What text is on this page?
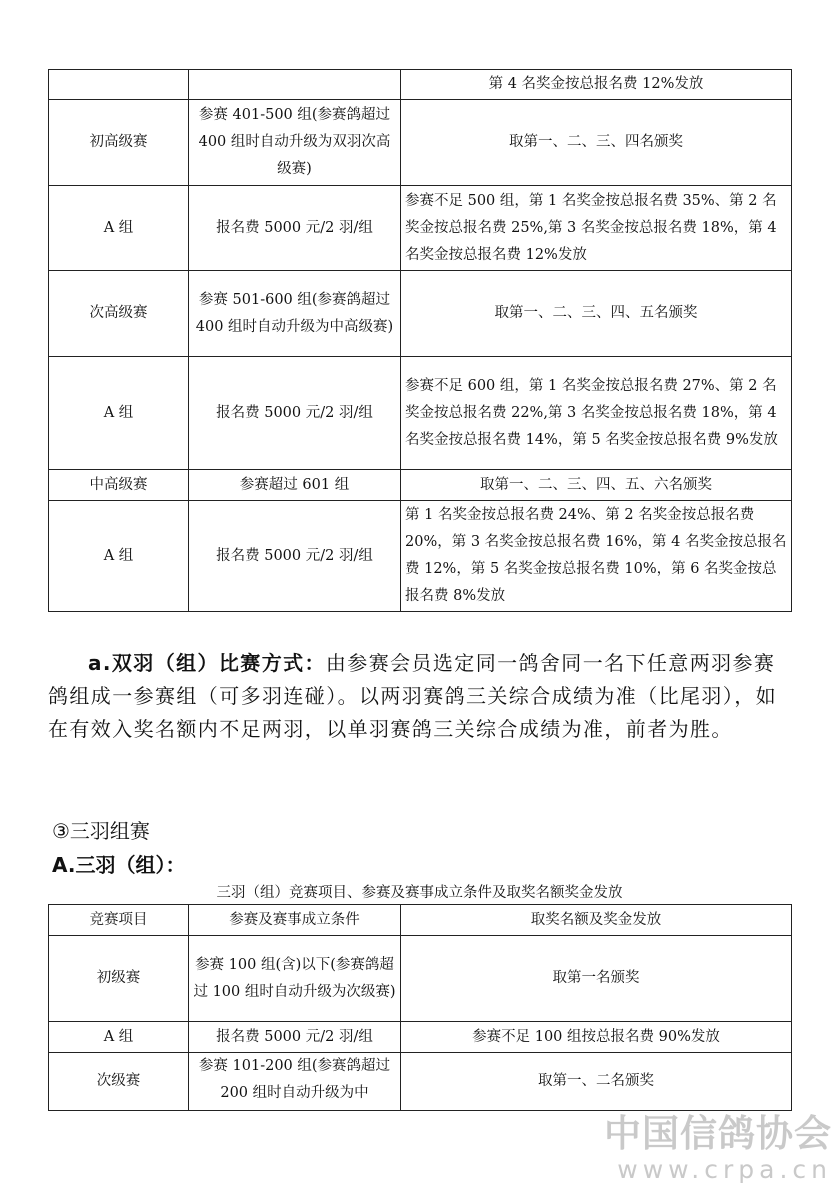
		第 4 名奖金按总报名费 12%发放
初高级赛	参赛 401-500 组(参赛鸽超过 400 组时自动升级为双羽次高级赛)	取第一、二、三、四名颁奖
A 组	报名费 5000 元/2 羽/组	参赛不足 500 组，第 1 名奖金按总报名费 35%、第 2 名奖金按总报名费 25%,第 3 名奖金按总报名费 18%，第 4 名奖金按总报名费 12%发放
次高级赛	参赛 501-600 组(参赛鸽超过 400 组时自动升级为中高级赛)	取第一、二、三、四、五名颁奖
A 组	报名费 5000 元/2 羽/组	参赛不足 600 组，第 1 名奖金按总报名费 27%、第 2 名奖金按总报名费 22%,第 3 名奖金按总报名费 18%，第 4 名奖金按总报名费 14%，第 5 名奖金按总报名费 9%发放
中高级赛	参赛超过 601 组	取第一、二、三、四、五、六名颁奖
A 组	报名费 5000 元/2 羽/组	第 1 名奖金按总报名费 24%、第 2 名奖金按总报名费 20%，第 3 名奖金按总报名费 16%，第 4 名奖金按总报名费 12%，第 5 名奖金按总报名费 10%，第 6 名奖金按总报名费 8%发放

a.双羽（组）比赛方式：由参赛会员选定同一鸽舍同一名下任意两羽参赛鸽组成一参赛组（可多羽连碰）。以两羽赛鸽三关综合成绩为准（比尾羽），如在有效入奖名额内不足两羽，以单羽赛鸽三关综合成绩为准，前者为胜。

③三羽组赛
A.三羽（组）：
三羽（组）竞赛项目、参赛及赛事成立条件及取奖名额奖金发放
竞赛项目	参赛及赛事成立条件	取奖名额及奖金发放
初级赛	参赛 100 组(含)以下(参赛鸽超过 100 组时自动升级为次级赛)	取第一名颁奖
A 组	报名费 5000 元/2 羽/组	参赛不足 100 组按总报名费 90%发放
次级赛	参赛 101-200 组(参赛鸽超过 200 组时自动升级为中	取第一、二名颁奖
中国信鸽协会
www.crpa.cn
